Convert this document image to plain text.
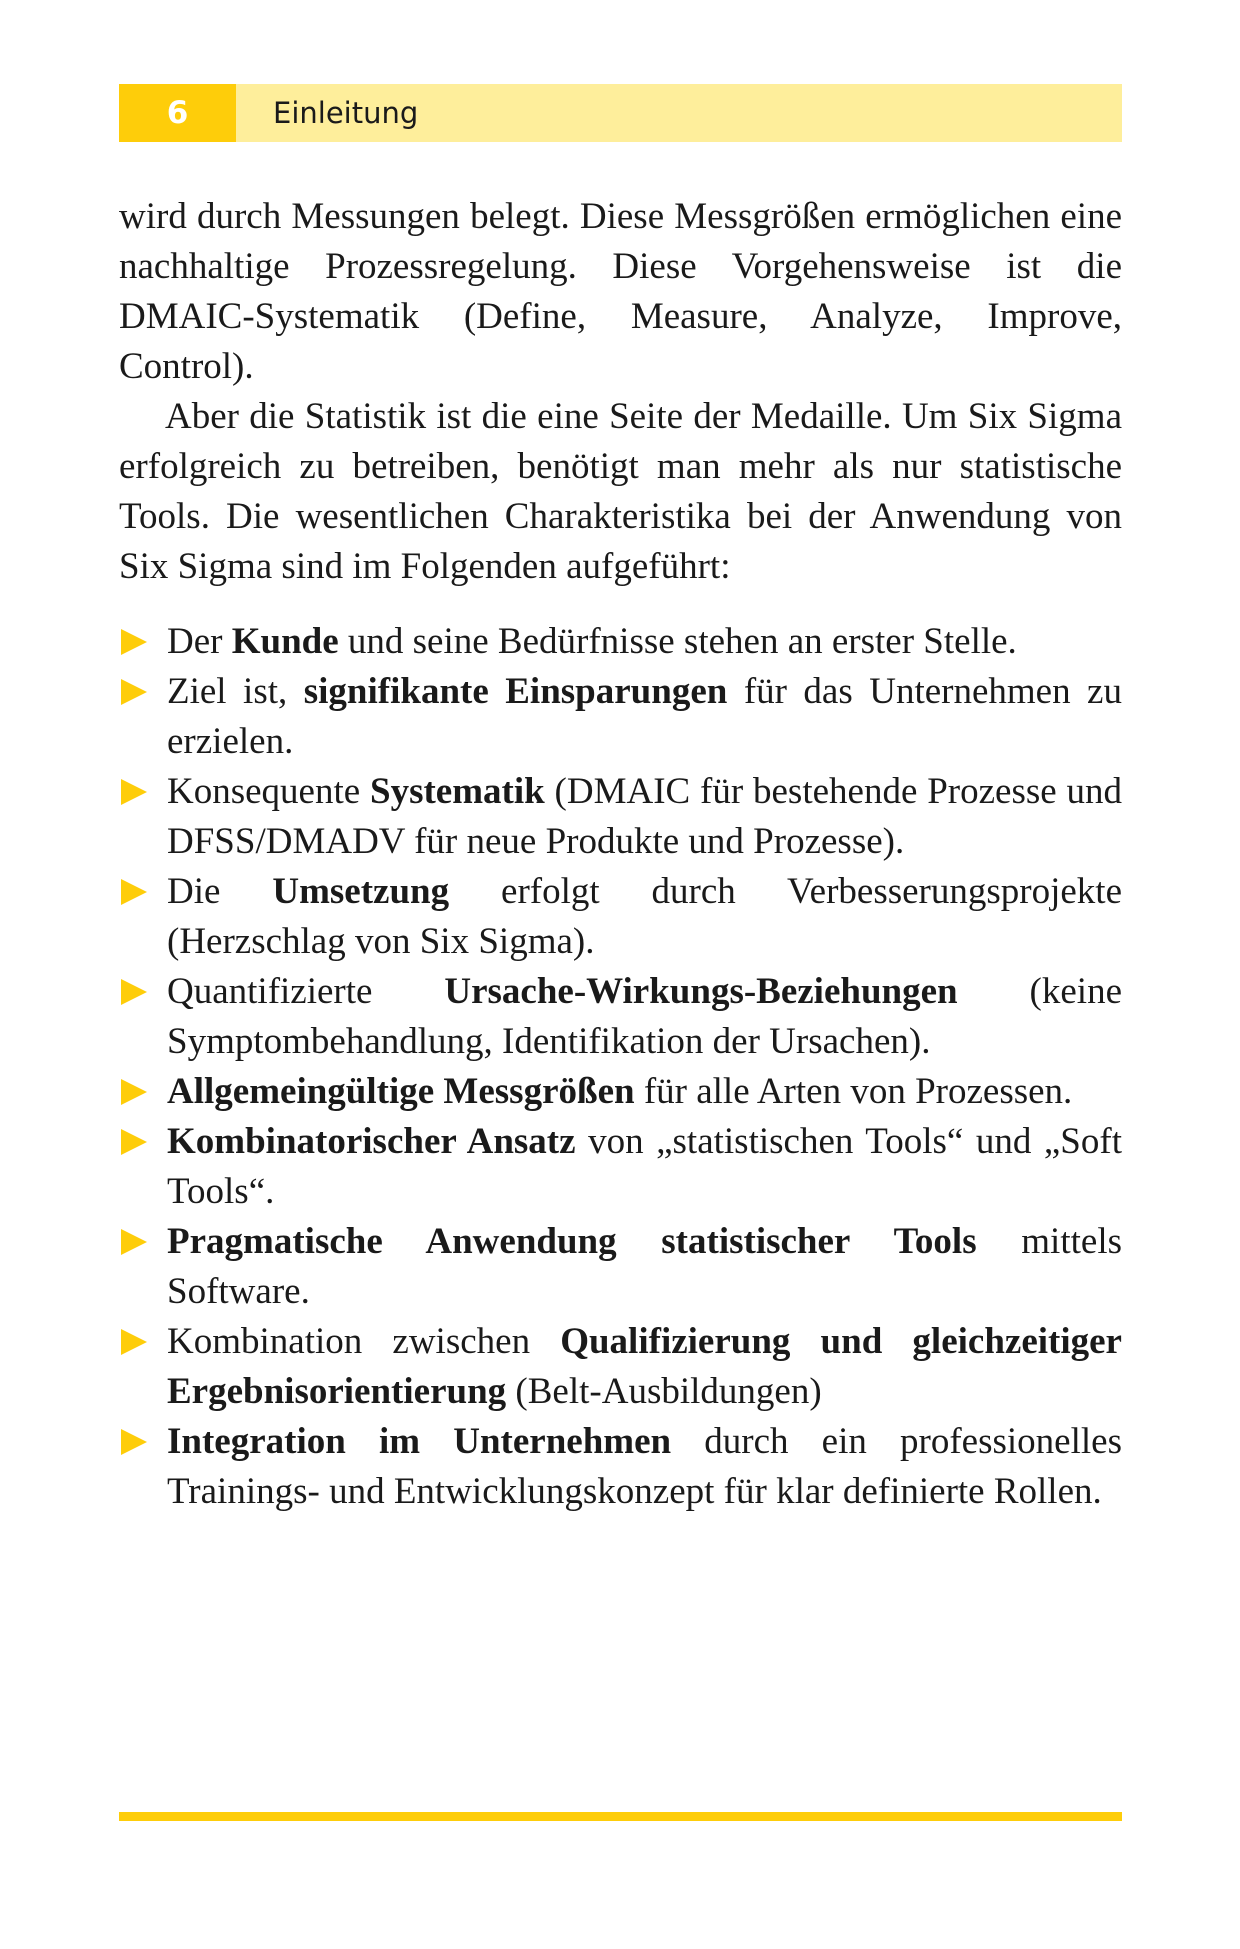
6	Einleitung

wird durch Messungen belegt. Diese Messgrößen ermöglichen eine nachhaltige Prozessregelung. Diese Vorgehensweise ist die DMAIC-Systematik (Define, Measure, Analyze, Improve, Control).

Aber die Statistik ist die eine Seite der Medaille. Um Six Sigma erfolgreich zu betreiben, benötigt man mehr als nur statistische Tools. Die wesentlichen Charakteristika bei der Anwendung von Six Sigma sind im Folgenden aufgeführt:

Der Kunde und seine Bedürfnisse stehen an erster Stelle.
Ziel ist, signifikante Einsparungen für das Unternehmen zu erzielen.
Konsequente Systematik (DMAIC für bestehende Prozesse und DFSS/DMADV für neue Produkte und Prozesse).
Die Umsetzung erfolgt durch Verbesserungsprojekte (Herzschlag von Six Sigma).
Quantifizierte Ursache-Wirkungs-Beziehungen (keine Symptombehandlung, Identifikation der Ursachen).
Allgemeingültige Messgrößen für alle Arten von Prozessen.
Kombinatorischer Ansatz von „statistischen Tools“ und „Soft Tools“.
Pragmatische Anwendung statistischer Tools mittels Software.
Kombination zwischen Qualifizierung und gleichzeitiger Ergebnisorientierung (Belt-Ausbildungen)
Integration im Unternehmen durch ein professionelles Trainings- und Entwicklungskonzept für klar definierte Rollen.
